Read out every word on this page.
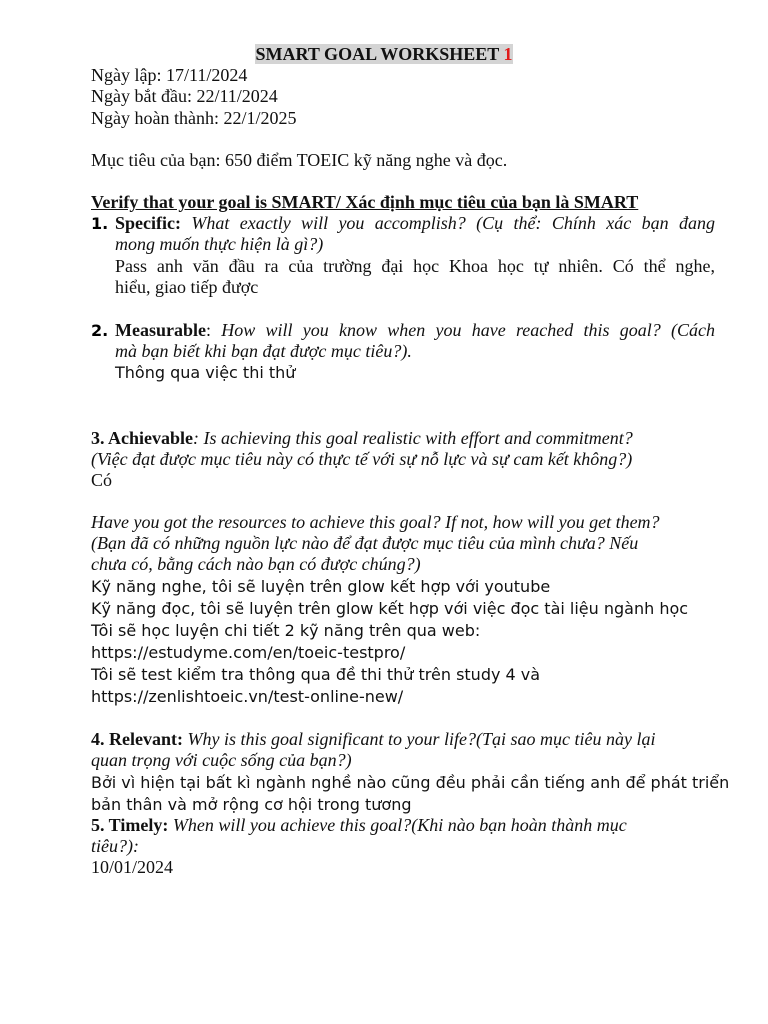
SMART GOAL WORKSHEET 1
Ngày lập: 17/11/2024
Ngày bắt đầu: 22/11/2024
Ngày hoàn thành: 22/1/2025
Mục tiêu của bạn: 650 điểm TOEIC kỹ năng nghe và đọc.
Verify that your goal is SMART/ Xác định mục tiêu của bạn là SMART
1. Specific: What exactly will you accomplish? (Cụ thể: Chính xác bạn đang
mong muốn thực hiện là gì?)
Pass anh văn đầu ra của trường đại học Khoa học tự nhiên. Có thể nghe,
hiểu, giao tiếp được
2. Measurable: How will you know when you have reached this goal? (Cách
mà bạn biết khi bạn đạt được mục tiêu?).
Thông qua việc thi thử
3. Achievable: Is achieving this goal realistic with effort and commitment?
(Việc đạt được mục tiêu này có thực tế với sự nỗ lực và sự cam kết không?)
Có
Have you got the resources to achieve this goal? If not, how will you get them?
(Bạn đã có những nguồn lực nào để đạt được mục tiêu của mình chưa? Nếu
chưa có, bằng cách nào bạn có được chúng?)
Kỹ năng nghe, tôi sẽ luyện trên glow kết hợp với youtube
Kỹ năng đọc, tôi sẽ luyện trên glow kết hợp với việc đọc tài liệu ngành học
Tôi sẽ học luyện chi tiết 2 kỹ năng trên qua web:
https://estudyme.com/en/toeic-testpro/
Tôi sẽ test kiểm tra thông qua đề thi thử trên study 4 và
https://zenlishtoeic.vn/test-online-new/
4. Relevant: Why is this goal significant to your life?(Tại sao mục tiêu này lại
quan trọng với cuộc sống của bạn?)
Bởi vì hiện tại bất kì ngành nghề nào cũng đều phải cần tiếng anh để phát triển
bản thân và mở rộng cơ hội trong tương
5. Timely: When will you achieve this goal?(Khi nào bạn hoàn thành mục
tiêu?):
10/01/2024
